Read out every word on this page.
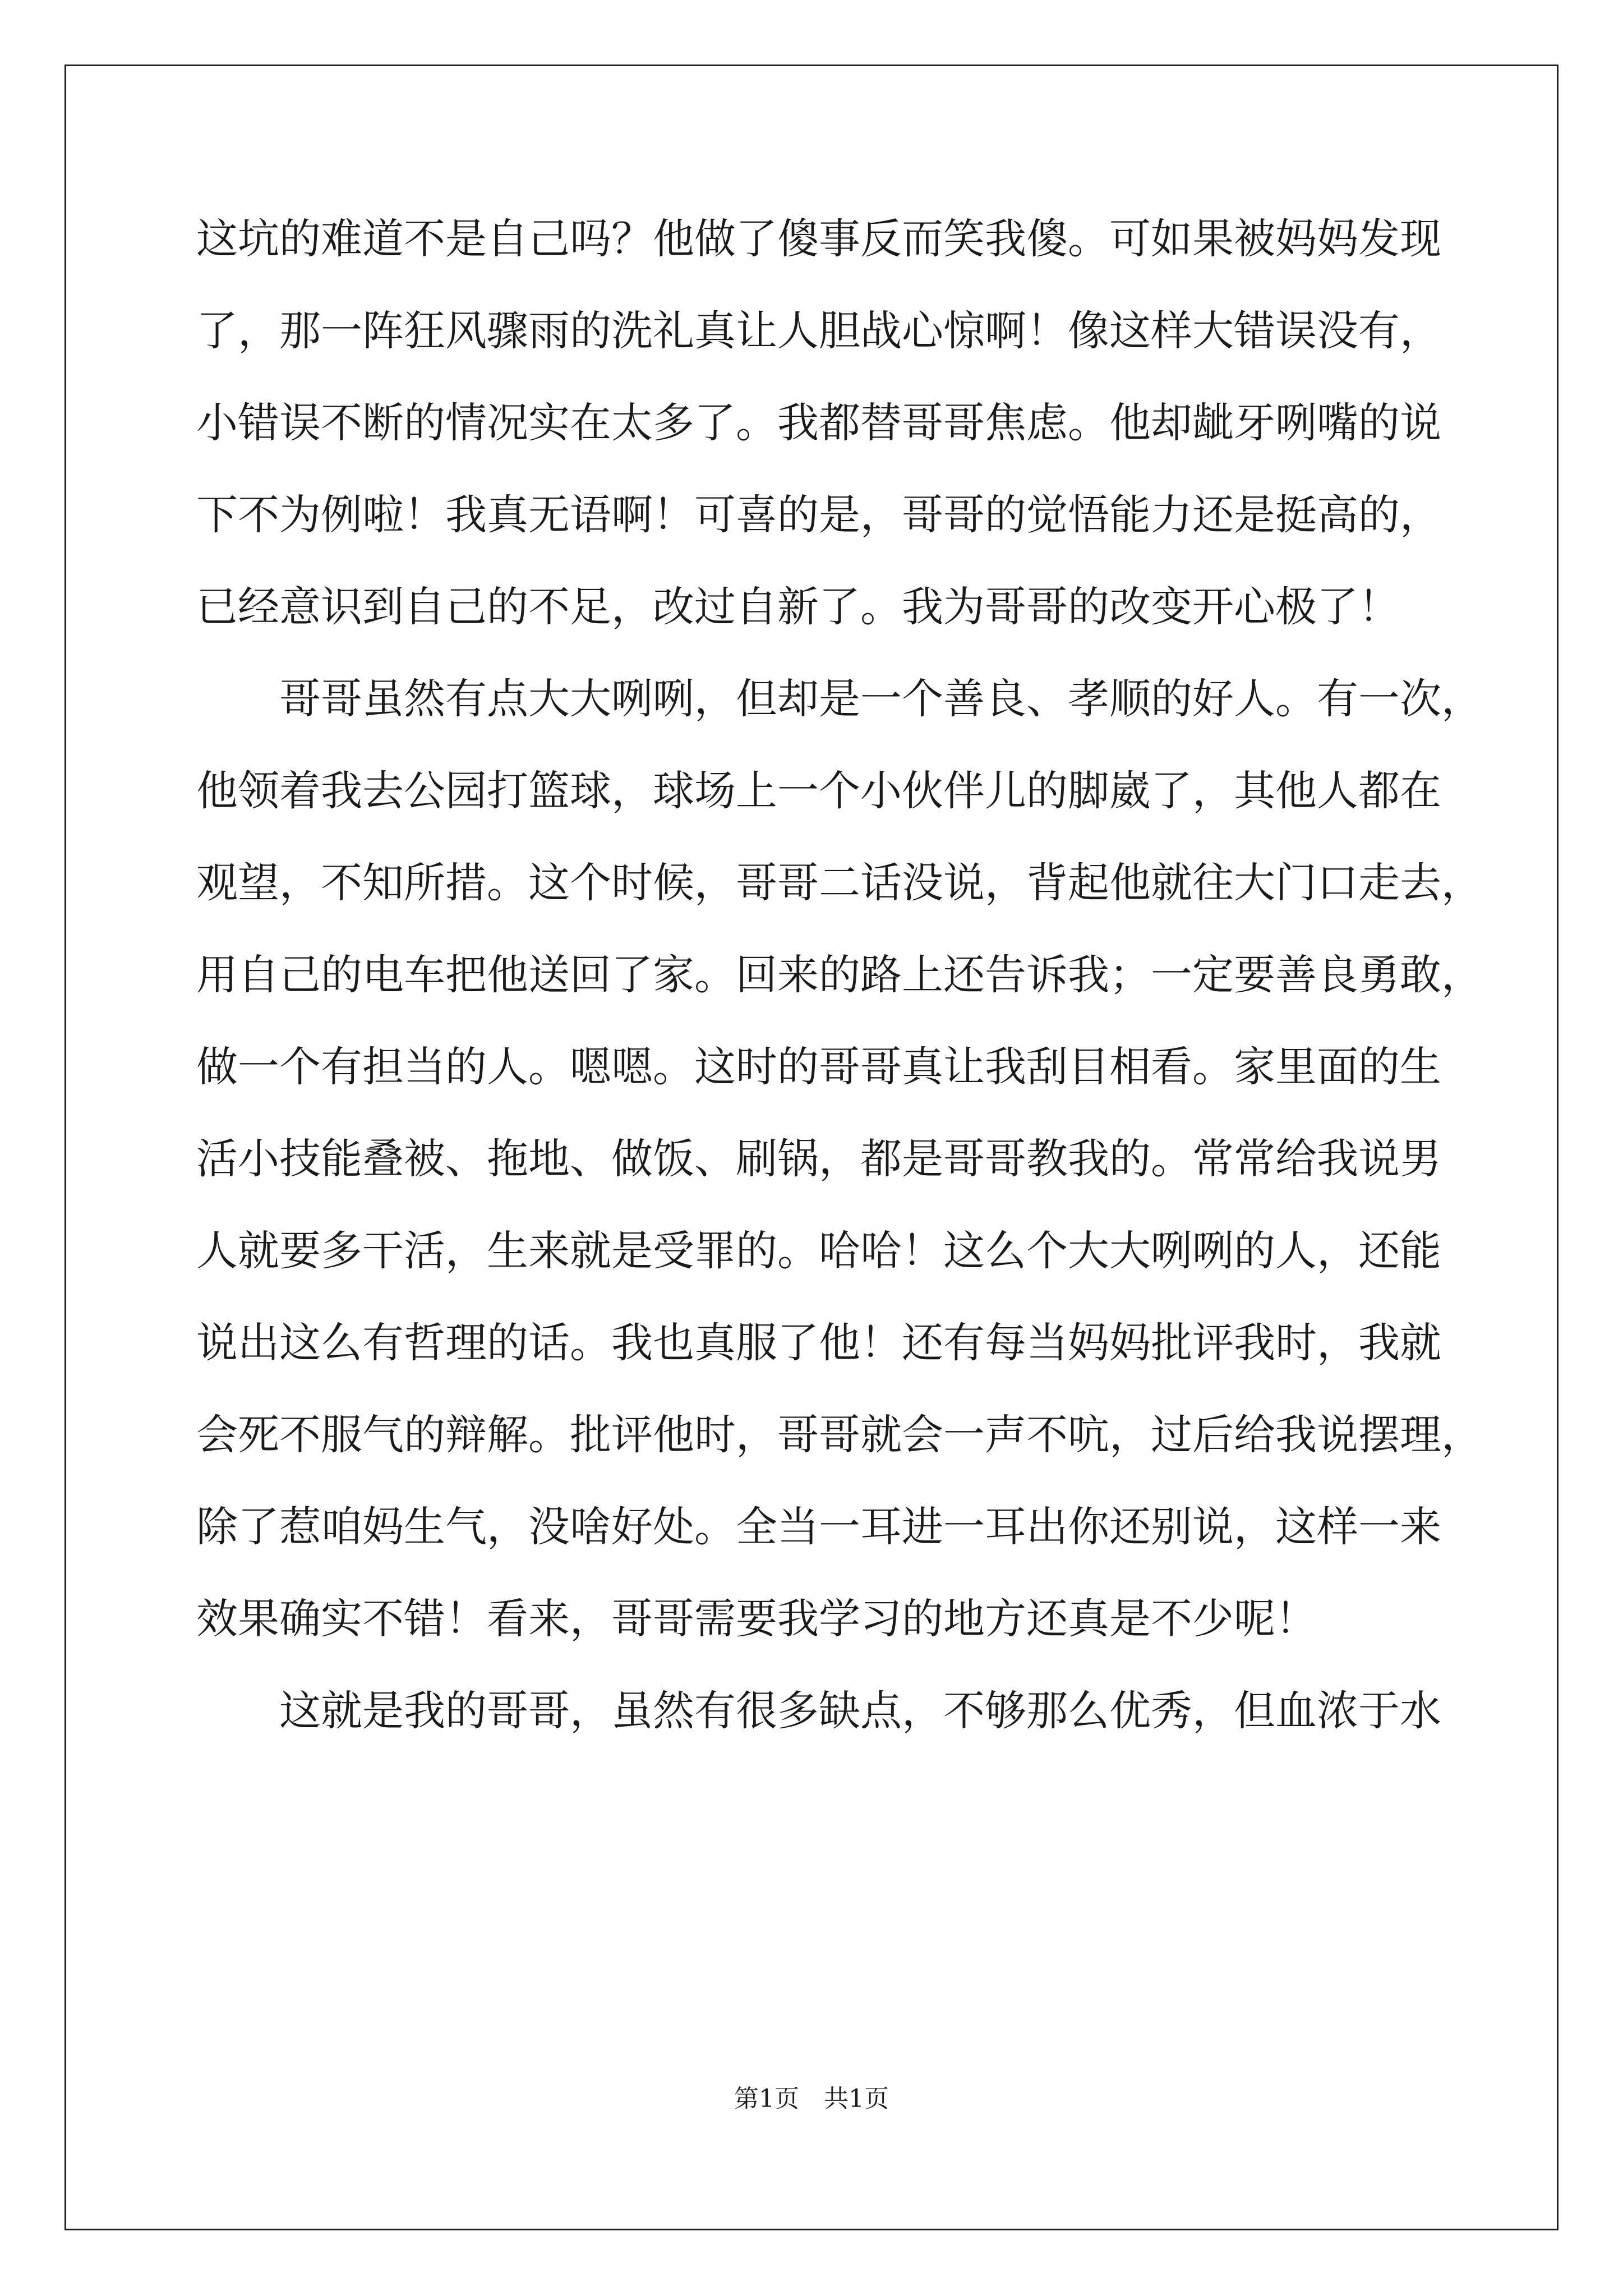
这坑的难道不是自己吗？他做了傻事反而笑我傻。可如果被妈妈发现
了，那一阵狂风骤雨的洗礼真让人胆战心惊啊！像这样大错误没有，
小错误不断的情况实在太多了。我都替哥哥焦虑。他却龇牙咧嘴的说
下不为例啦！我真无语啊！可喜的是，哥哥的觉悟能力还是挺高的，
已经意识到自己的不足，改过自新了。我为哥哥的改变开心极了！
哥哥虽然有点大大咧咧，但却是一个善良、孝顺的好人。有一次，
他领着我去公园打篮球，球场上一个小伙伴儿的脚崴了，其他人都在
观望，不知所措。这个时候，哥哥二话没说，背起他就往大门口走去，
用自己的电车把他送回了家。回来的路上还告诉我；一定要善良勇敢，
做一个有担当的人。嗯嗯。这时的哥哥真让我刮目相看。家里面的生
活小技能叠被、拖地、做饭、刷锅，都是哥哥教我的。常常给我说男
人就要多干活，生来就是受罪的。哈哈！这么个大大咧咧的人，还能
说出这么有哲理的话。我也真服了他！还有每当妈妈批评我时，我就
会死不服气的辩解。批评他时，哥哥就会一声不吭，过后给我说摆理，
除了惹咱妈生气，没啥好处。全当一耳进一耳出你还别说，这样一来
效果确实不错！看来，哥哥需要我学习的地方还真是不少呢！
这就是我的哥哥，虽然有很多缺点，不够那么优秀，但血浓于水
第1页 共1页
